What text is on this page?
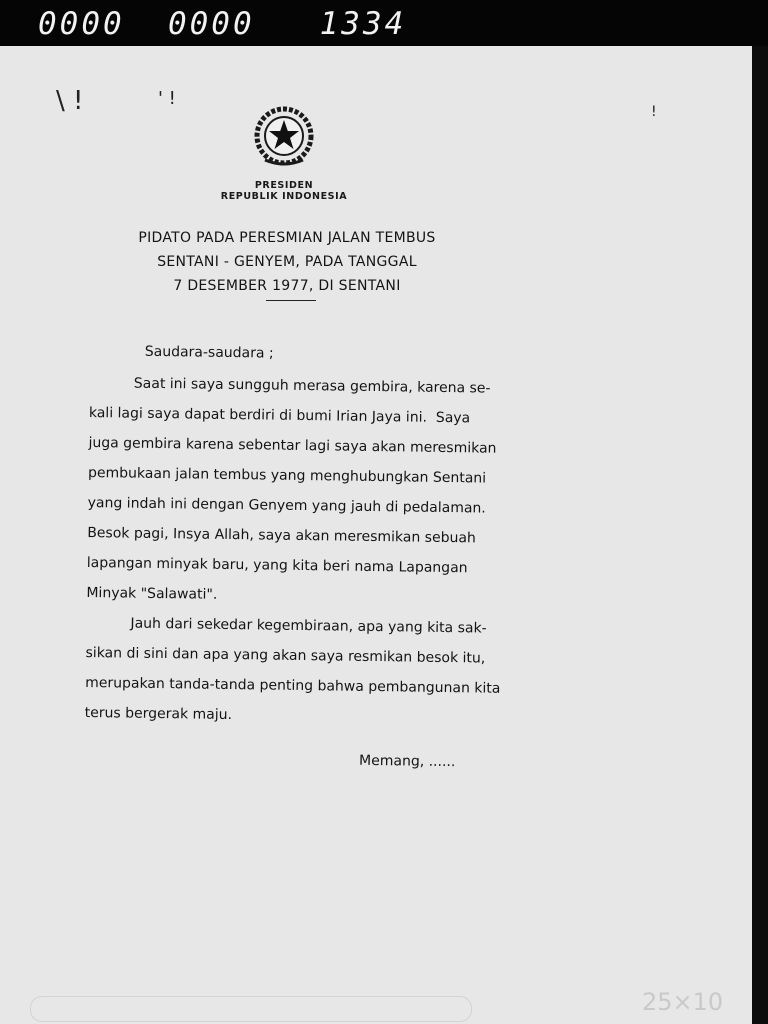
0000  0000   1334
\ !	' !
!
PRESIDEN
REPUBLIK INDONESIA
PIDATO PADA PERESMIAN JALAN TEMBUS
SENTANI - GENYEM, PADA TANGGAL
7 DESEMBER 1977, DI SENTANI
Saudara-saudara ;
Saat ini saya sungguh merasa gembira, karena se-
kali lagi saya dapat berdiri di bumi Irian Jaya ini.  Saya
juga gembira karena sebentar lagi saya akan meresmikan
pembukaan jalan tembus yang menghubungkan Sentani
yang indah ini dengan Genyem yang jauh di pedalaman.
Besok pagi, Insya Allah, saya akan meresmikan sebuah
lapangan minyak baru, yang kita beri nama Lapangan
Minyak "Salawati".
Jauh dari sekedar kegembiraan, apa yang kita sak-
sikan di sini dan apa yang akan saya resmikan besok itu,
merupakan tanda-tanda penting bahwa pembangunan kita
terus bergerak maju.
Memang, ......
25×10
